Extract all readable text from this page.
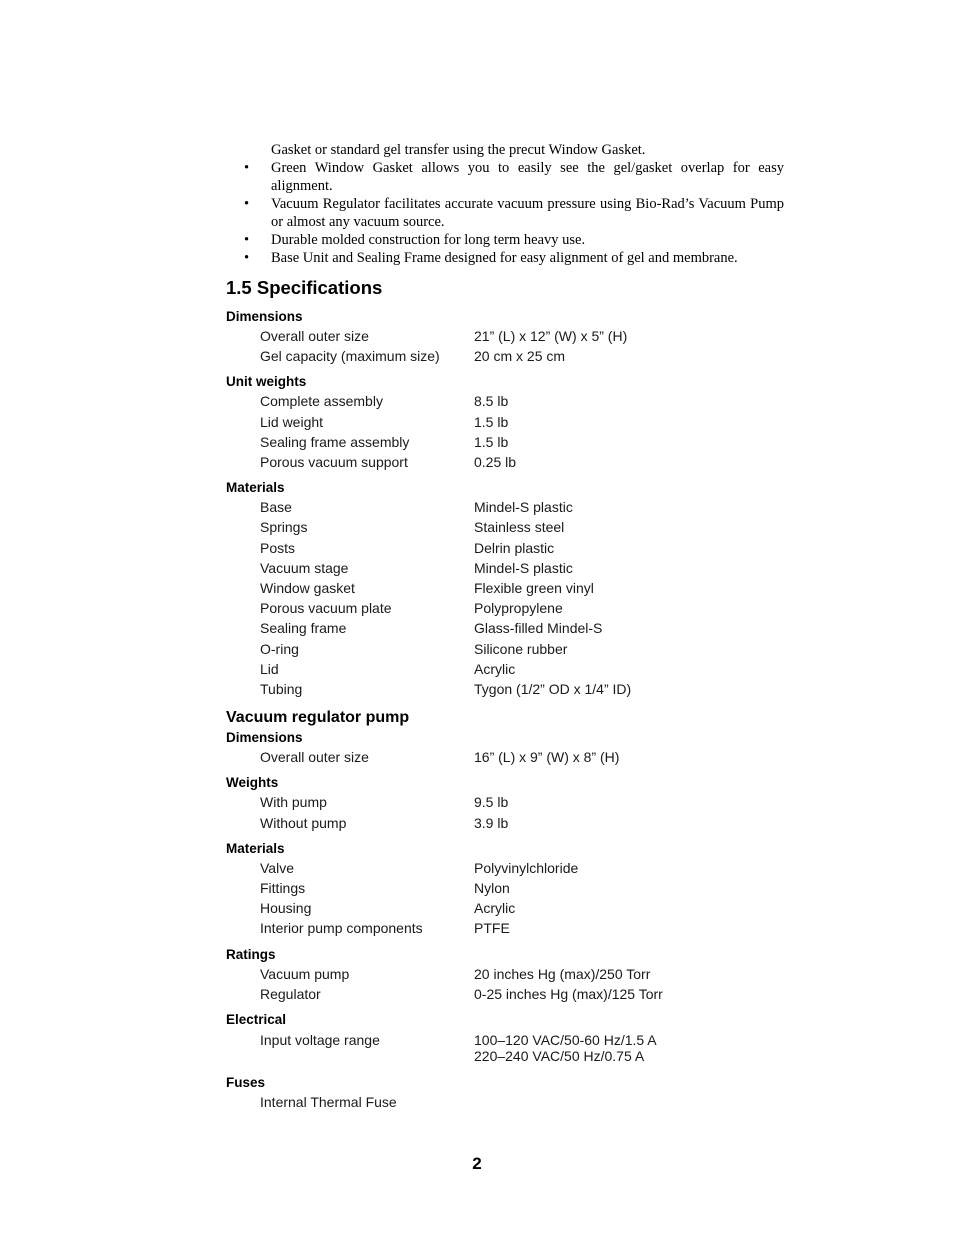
Gasket or standard gel transfer using the precut Window Gasket.
• Green Window Gasket allows you to easily see the gel/gasket overlap for easy alignment.
• Vacuum Regulator facilitates accurate vacuum pressure using Bio-Rad’s Vacuum Pump or almost any vacuum source.
• Durable molded construction for long term heavy use.
• Base Unit and Sealing Frame designed for easy alignment of gel and membrane.
1.5 Specifications
Dimensions
Overall outer size	21” (L) x 12” (W) x 5” (H)
Gel capacity (maximum size)	20 cm x 25 cm
Unit weights
Complete assembly	8.5 lb
Lid weight	1.5 lb
Sealing frame assembly	1.5 lb
Porous vacuum support	0.25 lb
Materials
Base	Mindel-S plastic
Springs	Stainless steel
Posts	Delrin plastic
Vacuum stage	Mindel-S plastic
Window gasket	Flexible green vinyl
Porous vacuum plate	Polypropylene
Sealing frame	Glass-filled Mindel-S
O-ring	Silicone rubber
Lid	Acrylic
Tubing	Tygon (1/2” OD x 1/4” ID)
Vacuum regulator pump
Dimensions
Overall outer size	16” (L) x 9” (W) x 8” (H)
Weights
With pump	9.5 lb
Without pump	3.9 lb
Materials
Valve	Polyvinylchloride
Fittings	Nylon
Housing	Acrylic
Interior pump components	PTFE
Ratings
Vacuum pump	20 inches Hg (max)/250 Torr
Regulator	0-25 inches Hg (max)/125 Torr
Electrical
Input voltage range	100–120 VAC/50-60 Hz/1.5 A
220–240 VAC/50 Hz/0.75 A
Fuses
Internal Thermal Fuse
2
